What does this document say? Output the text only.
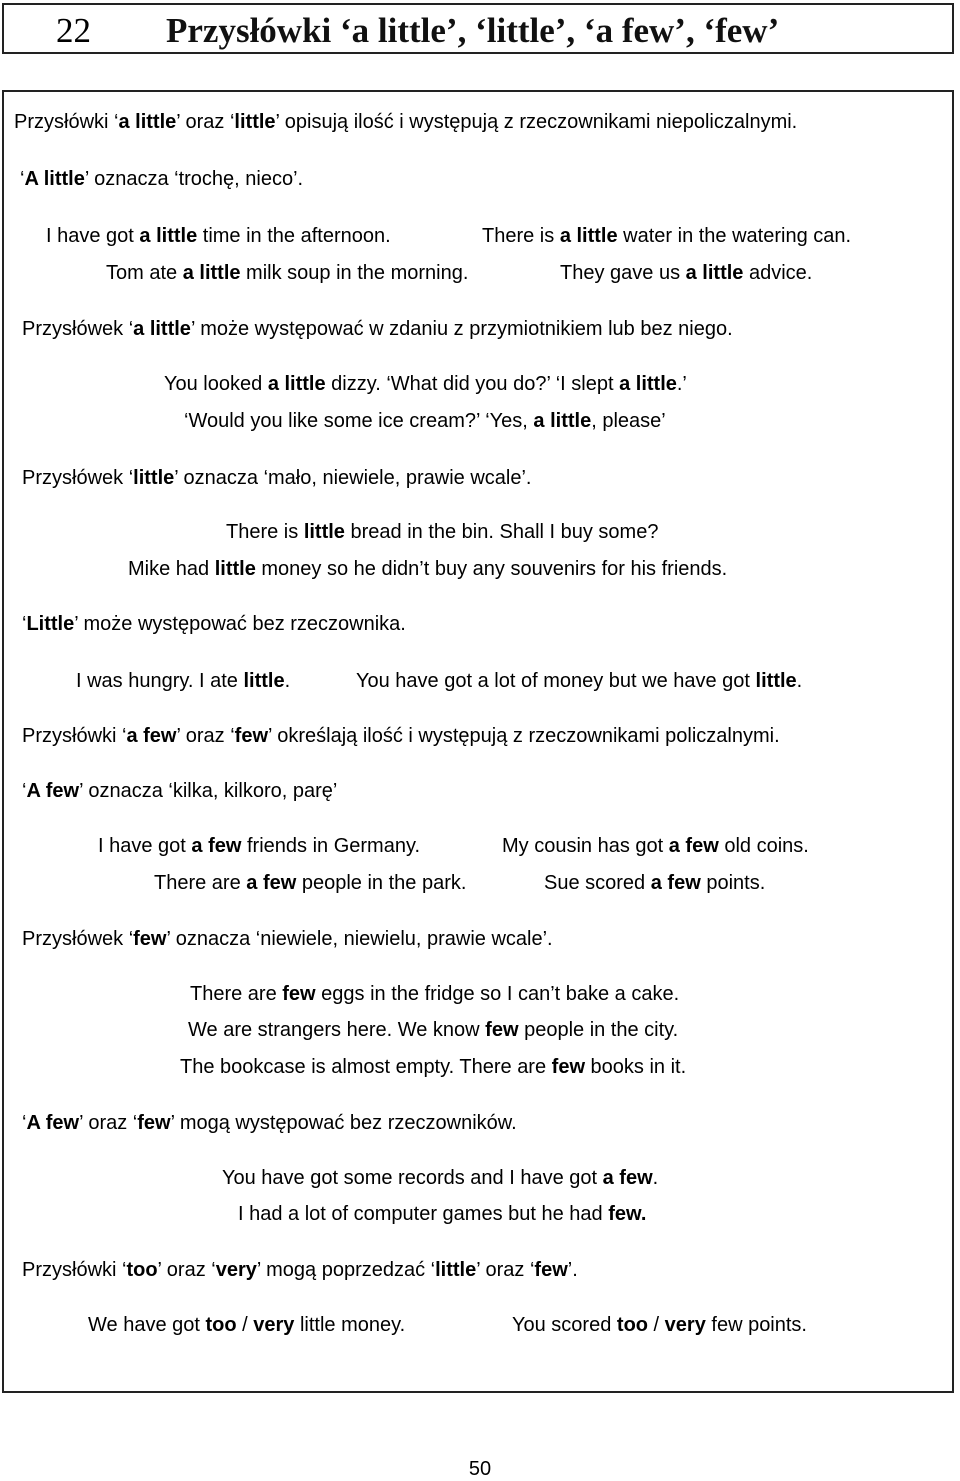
22 Przysłówki ‘a little’, ‘little’, ‘a few’, ‘few’
Przysłówki ‘a little’ oraz ‘little’ opisują ilość i występują z rzeczownikami niepoliczalnymi.
‘A little’ oznacza ‘trochę, nieco’.
I have got a little time in the afternoon.	There is a little water in the watering can.
Tom ate a little milk soup in the morning.	They gave us a little advice.
Przysłówek ‘a little’ może występować w zdaniu z przymiotnikiem lub bez niego.
You looked a little dizzy. ‘What did you do?’ ‘I slept a little.’
‘Would you like some ice cream?’ ‘Yes, a little, please’
Przysłówek ‘little’ oznacza ‘mało, niewiele, prawie wcale’.
There is little bread in the bin. Shall I buy some?
Mike had little money so he didn’t buy any souvenirs for his friends.
‘Little’ może występować bez rzeczownika.
I was hungry. I ate little.	You have got a lot of money but we have got little.
Przysłówki ‘a few’ oraz ‘few’ określają ilość i występują z rzeczownikami policzalnymi.
‘A few’ oznacza ‘kilka, kilkoro, parę’
I have got a few friends in Germany.	My cousin has got a few old coins.
There are a few people in the park.	Sue scored a few points.
Przysłówek ‘few’ oznacza ‘niewiele, niewielu, prawie wcale’.
There are few eggs in the fridge so I can’t bake a cake.
We are strangers here. We know few people in the city.
The bookcase is almost empty. There are few books in it.
‘A few’ oraz ‘few’ mogą występować bez rzeczowników.
You have got some records and I have got a few.
I had a lot of computer games but he had few.
Przysłówki ‘too’ oraz ‘very’ mogą poprzedzać ‘little’ oraz ‘few’.
We have got too / very little money.	You scored too / very few points.
50
